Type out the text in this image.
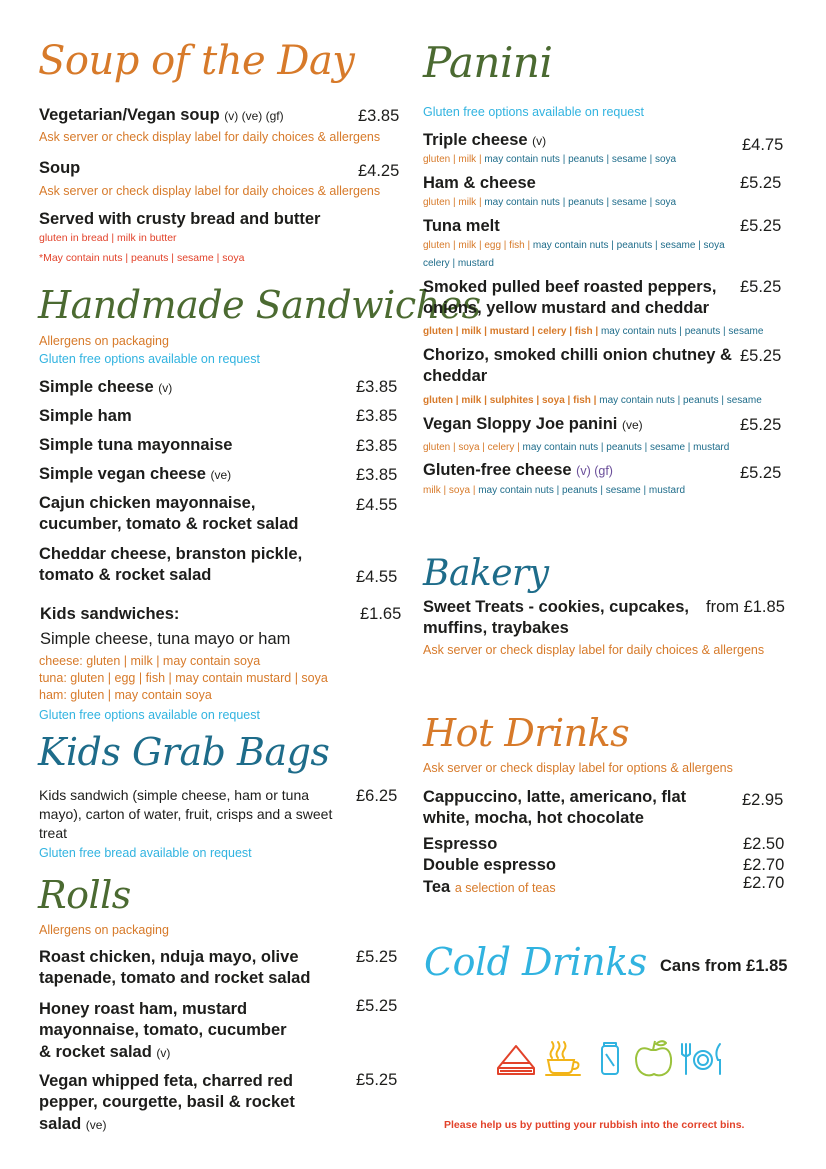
Soup of the Day
Vegetarian/Vegan soup (v) (ve) (gf)	£3.85
Ask server or check display label for daily choices & allergens
Soup	£4.25
Ask server or check display label for daily choices & allergens
Served with crusty bread and butter
gluten in bread | milk in butter
*May contain nuts | peanuts | sesame | soya
Handmade Sandwiches
Allergens on packaging
Gluten free options available on request
Simple cheese (v)	£3.85
Simple ham	£3.85
Simple tuna mayonnaise	£3.85
Simple vegan cheese (ve)	£3.85
Cajun chicken mayonnaise, cucumber, tomato & rocket salad
£4.55
Cheddar cheese, branston pickle, tomato & rocket salad	£4.55
Kids sandwiches:	£1.65
Simple cheese, tuna mayo or ham
cheese: gluten | milk | may contain soya
tuna: gluten | egg | fish | may contain mustard | soya
ham: gluten | may contain soya
Gluten free options available on request
Kids Grab Bags
Kids sandwich (simple cheese, ham or tuna mayo), carton of water, fruit, crisps and a sweet treat
£6.25
Gluten free bread available on request
Rolls
Allergens on packaging
Roast chicken, nduja mayo, olive tapenade, tomato and rocket salad
£5.25
Honey roast ham, mustard mayonnaise, tomato, cucumber
& rocket salad (v)
£5.25
Vegan whipped feta, charred red pepper, courgette, basil & rocket
salad (ve)
£5.25
Panini
Gluten free options available on request
Triple cheese (v)	£4.75
gluten | milk | may contain nuts | peanuts | sesame | soya
Ham & cheese	£5.25
gluten | milk | may contain nuts | peanuts | sesame | soya
Tuna melt	£5.25
gluten | milk | egg | fish | may contain nuts | peanuts | sesame | soya
celery | mustard
Smoked pulled beef roasted peppers, onions, yellow mustard and cheddar
£5.25
gluten | milk | mustard | celery | fish | may contain nuts | peanuts | sesame
Chorizo, smoked chilli onion chutney & cheddar
£5.25
gluten | milk | sulphites | soya | fish | may contain nuts | peanuts | sesame
Vegan Sloppy Joe panini (ve)	£5.25
gluten | soya | celery | may contain nuts | peanuts | sesame | mustard
Gluten-free cheese (v) (gf)	£5.25
milk | soya | may contain nuts | peanuts | sesame | mustard
Bakery
Sweet Treats - cookies, cupcakes, muffins, traybakes
from £1.85
Ask server or check display label for daily choices & allergens
Hot Drinks
Ask server or check display label for options & allergens
Cappuccino, latte, americano, flat white, mocha, hot chocolate
£2.95
Espresso	£2.50
Double espresso	£2.70
Tea a selection of teas	£2.70
Cold Drinks Cans from £1.85
Please help us by putting your rubbish into the correct bins.
